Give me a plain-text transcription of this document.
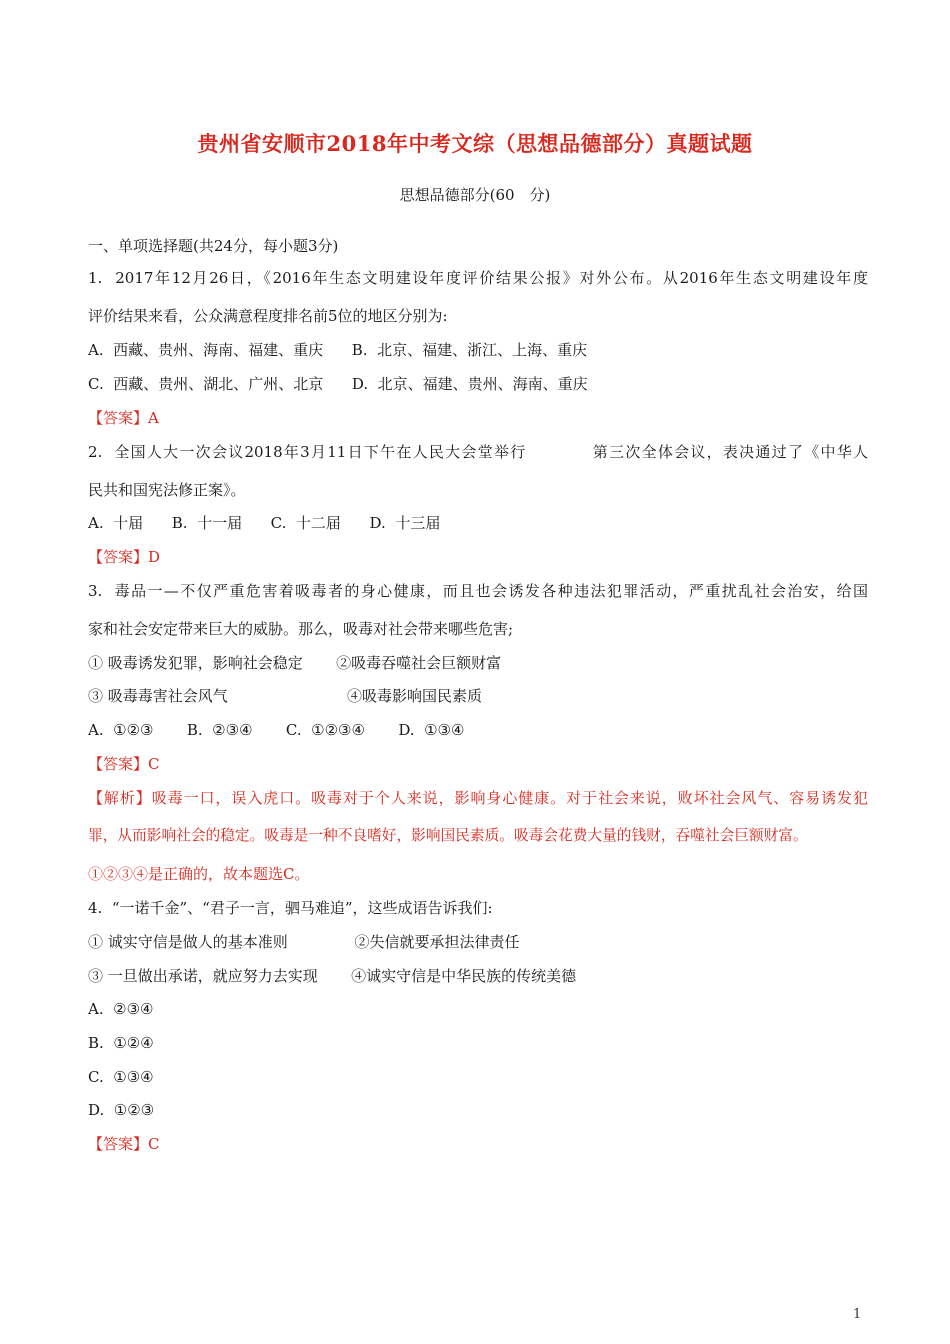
贵州省安顺市2018年中考文综（思想品德部分）真题试题
思想品德部分(60　分)
一、单项选择题(共24分，每小题3分)
1.  2017年12月26日，《2016年生态文明建设年度评价结果公报》对外公布。从2016年生态文明建设年度
评价结果来看，公众满意程度排名前5位的地区分别为:
A.  西藏、贵州、海南、福建、重庆      B.  北京、福建、浙江、上海、重庆
C.  西藏、贵州、湖北、广州、北京      D.  北京、福建、贵州、海南、重庆
【答案】A
2.  全国人大一次会议2018年3月11日下午在人民大会堂举行           第三次全体会议，表决通过了《中华人
民共和国宪法修正案》。
A.  十届      B.  十一届      C.  十二届      D.  十三届
【答案】D
3.  毒品一—不仅严重危害着吸毒者的身心健康，而且也会诱发各种违法犯罪活动，严重扰乱社会治安，给国
家和社会安定带来巨大的威胁。那么，吸毒对社会带来哪些危害;
① 吸毒诱发犯罪，影响社会稳定       ②吸毒吞噬社会巨额财富
③ 吸毒毒害社会风气                         ④吸毒影响国民素质
A.  ①②③       B.  ②③④       C.  ①②③④       D.  ①③④
【答案】C
【解析】吸毒一口，误入虎口。吸毒对于个人来说，影响身心健康。对于社会来说，败坏社会风气、容易诱发犯
罪，从而影响社会的稳定。吸毒是一种不良嗜好，影响国民素质。吸毒会花费大量的钱财，吞噬社会巨额财富。
①②③④是正确的，故本题选C。
4.  “一诺千金”、“君子一言，驷马难追”，这些成语告诉我们:
① 诚实守信是做人的基本准则              ②失信就要承担法律责任
③ 一旦做出承诺，就应努力去实现       ④诚实守信是中华民族的传统美德
A.  ②③④
B.  ①②④
C.  ①③④
D.  ①②③
【答案】C
1
